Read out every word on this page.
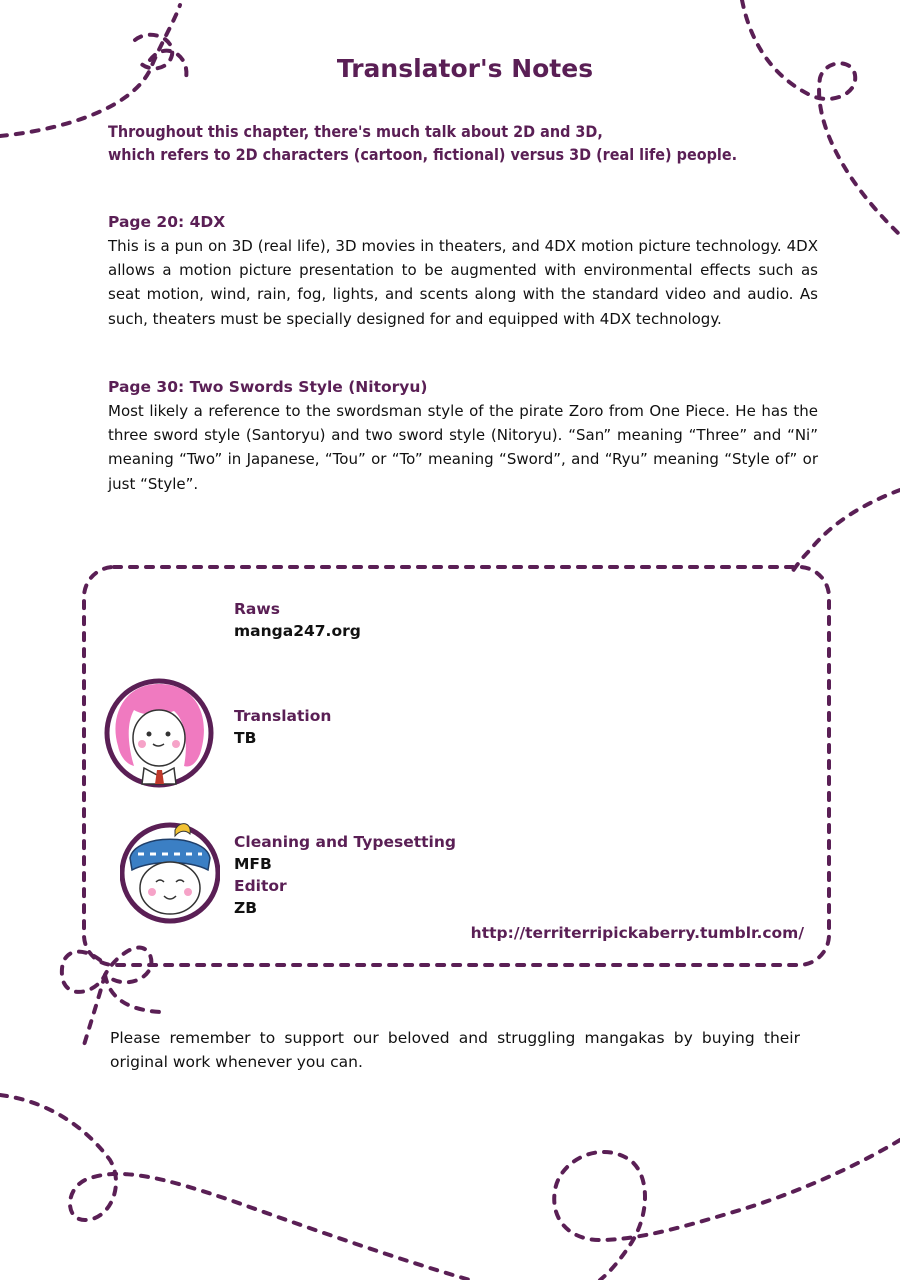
Translator's Notes
Throughout this chapter, there's much talk about 2D and 3D,
which refers to 2D characters (cartoon, fictional) versus 3D (real life) people.
Page 20: 4DX
This is a pun on 3D (real life), 3D movies in theaters, and 4DX motion picture technology. 4DX allows a motion picture presentation to be augmented with environmental effects such as seat motion, wind, rain, fog, lights, and scents along with the standard video and audio. As such, theaters must be specially designed for and equipped with 4DX technology.
Page 30: Two Swords Style (Nitoryu)
Most likely a reference to the swordsman style of the pirate Zoro from One Piece. He has the three sword style (Santoryu) and two sword style (Nitoryu). “San” meaning “Three” and “Ni” meaning “Two” in Japanese, “Tou” or “To” meaning “Sword”, and “Ryu” meaning “Style of” or just “Style”.
Raws
manga247.org
Translation
TB
Cleaning and Typesetting
MFB
Editor
ZB
http://territerripickaberry.tumblr.com/
Please remember to support our beloved and struggling mangakas by buying their original work whenever you can.
